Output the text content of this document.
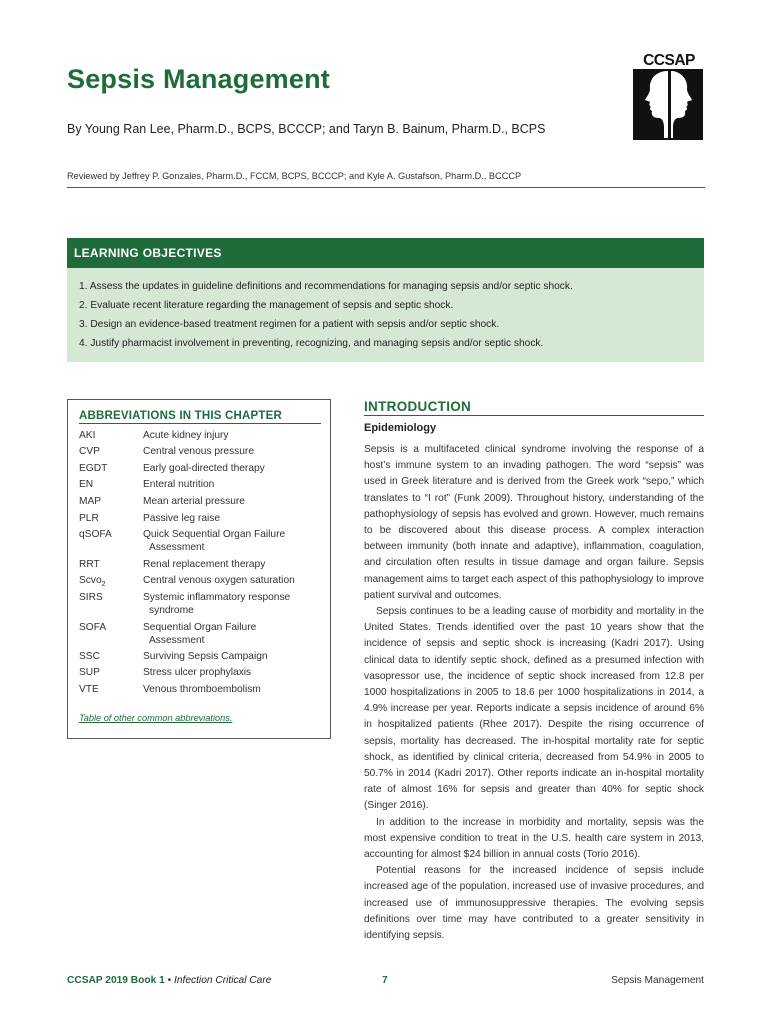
Sepsis Management
By Young Ran Lee, Pharm.D., BCPS, BCCCP; and Taryn B. Bainum, Pharm.D., BCPS
Reviewed by Jeffrey P. Gonzales, Pharm.D., FCCM, BCPS, BCCCP; and Kyle A. Gustafson, Pharm.D., BCCCP
CCSAP
LEARNING OBJECTIVES
1. Assess the updates in guideline definitions and recommendations for managing sepsis and/or septic shock.
2. Evaluate recent literature regarding the management of sepsis and septic shock.
3. Design an evidence-based treatment regimen for a patient with sepsis and/or septic shock.
4. Justify pharmacist involvement in preventing, recognizing, and managing sepsis and/or septic shock.
ABBREVIATIONS IN THIS CHAPTER
AKI	Acute kidney injury
CVP	Central venous pressure
EGDT	Early goal-directed therapy
EN	Enteral nutrition
MAP	Mean arterial pressure
PLR	Passive leg raise
qSOFA	Quick Sequential Organ Failure
Assessment
RRT	Renal replacement therapy
Scvo$_2$	Central venous oxygen saturation
SIRS	Systemic inflammatory response
syndrome
SOFA	Sequential Organ Failure
Assessment
SSC	Surviving Sepsis Campaign
SUP	Stress ulcer prophylaxis
VTE	Venous thromboembolism
Table of other common abbreviations.
INTRODUCTION
Epidemiology

Sepsis is a multifaceted clinical syndrome involving the response of a host’s immune system to an invading pathogen. The word “sepsis” was used in Greek literature and is derived from the Greek work “sepo,” which translates to “I rot” (Funk 2009). Throughout history, understanding of the pathophysiology of sepsis has evolved and grown. However, much remains to be discovered about this disease process. A complex interaction between immunity (both innate and adaptive), inflammation, coagulation, and circulation often results in tissue damage and organ failure. Sepsis management aims to target each aspect of this pathophysiology to improve patient survival and outcomes.

Sepsis continues to be a leading cause of morbidity and mortality in the United States. Trends identified over the past 10 years show that the incidence of sepsis and septic shock is increasing (Kadri 2017). Using clinical data to identify septic shock, defined as a presumed infection with vasopressor use, the incidence of septic shock increased from 12.8 per 1000 hospitalizations in 2005 to 18.6 per 1000 hospitalizations in 2014, a 4.9% increase per year. Reports indicate a sepsis incidence of around 6% in hospitalized patients (Rhee 2017). Despite the rising occurrence of sepsis, mortality has decreased. The in-hospital mortality rate for septic shock, as identified by clinical criteria, decreased from 54.9% in 2005 to 50.7% in 2014 (Kadri 2017). Other reports indicate an in-hospital mortality rate of almost 16% for sepsis and greater than 40% for septic shock (Singer 2016).

In addition to the increase in morbidity and mortality, sepsis was the most expensive condition to treat in the U.S. health care system in 2013, accounting for almost $24 billion in annual costs (Torio 2016).

Potential reasons for the increased incidence of sepsis include increased age of the population, increased use of invasive procedures, and increased use of immunosuppressive therapies. The evolving sepsis definitions over time may have contributed to a greater sensitivity in identifying sepsis.

CCSAP 2019 Book 1 • Infection Critical Care	7	Sepsis Management
